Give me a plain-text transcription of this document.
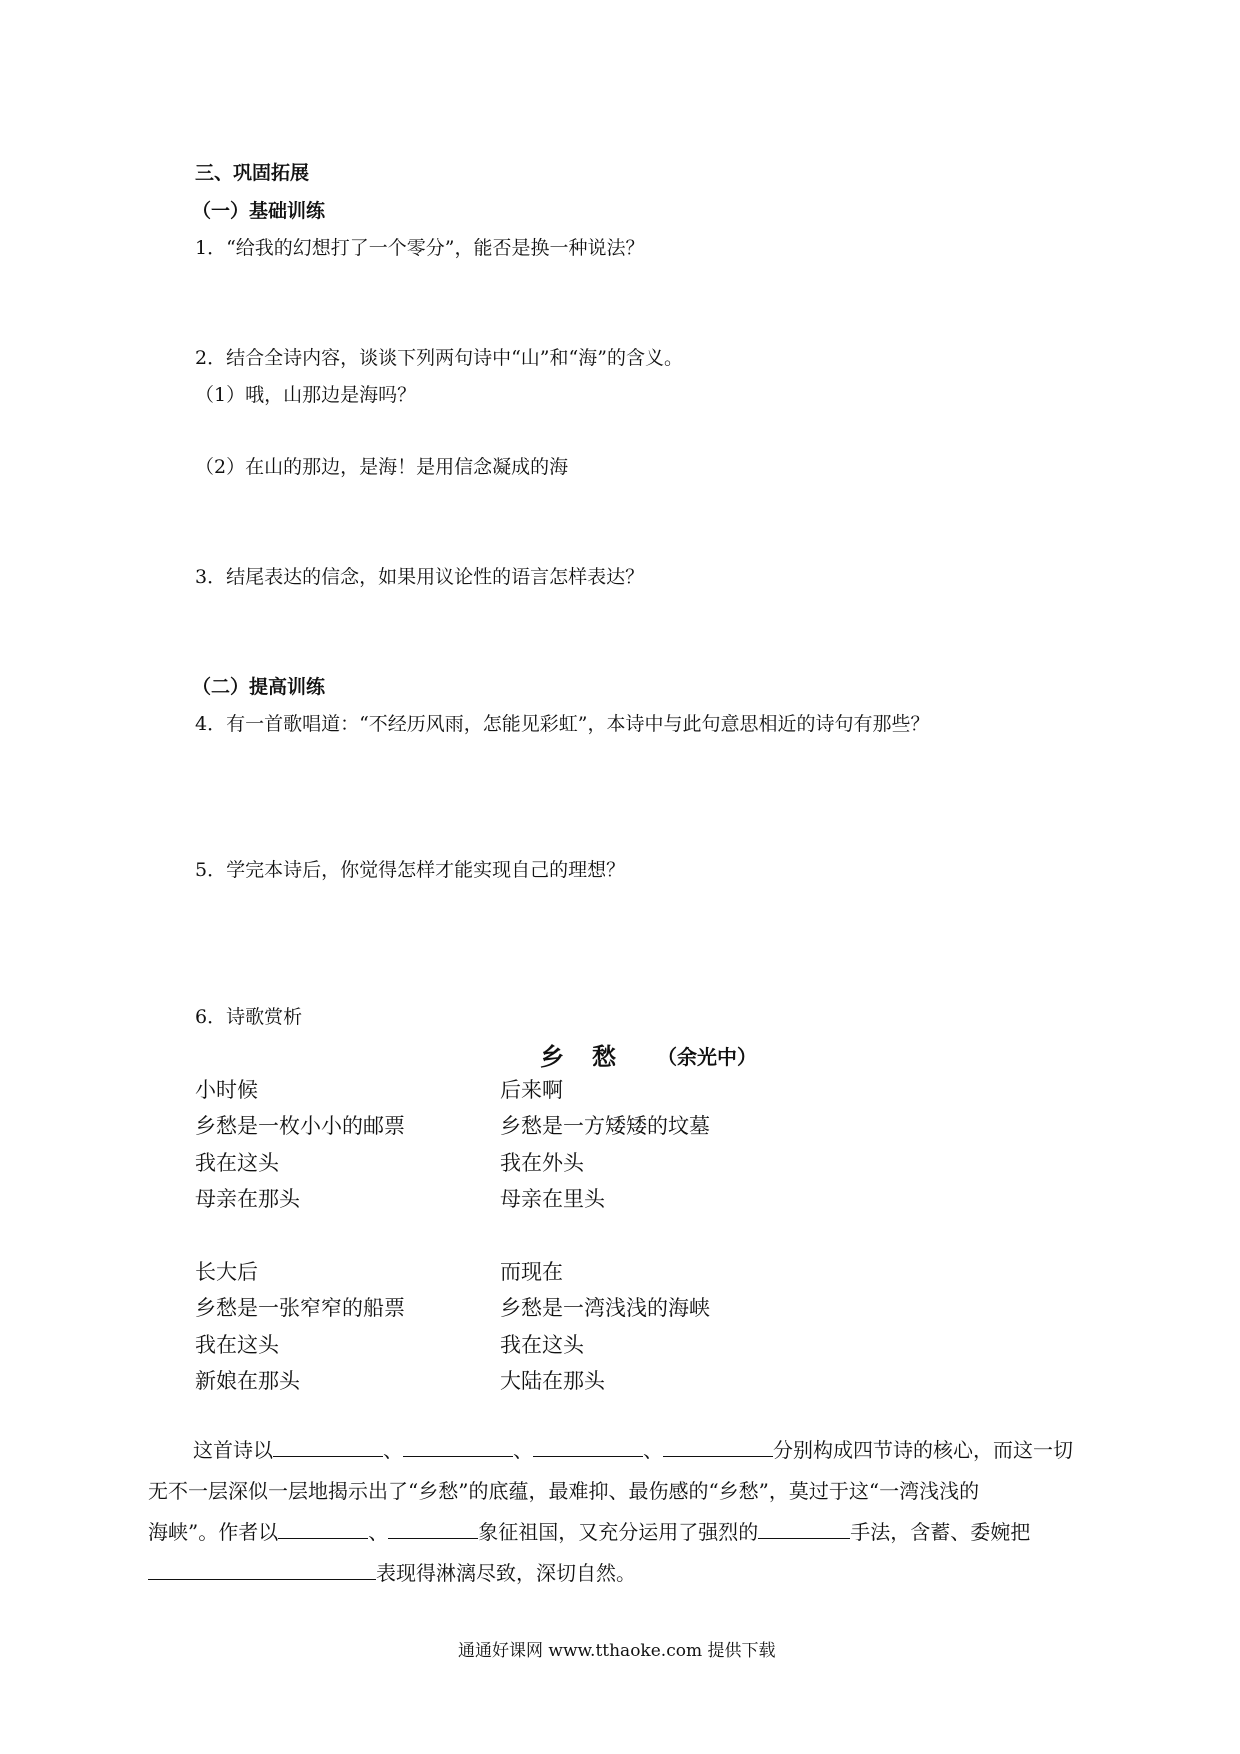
三、巩固拓展
（一）基础训练
1．“给我的幻想打了一个零分”，能否是换一种说法？
2．结合全诗内容，谈谈下列两句诗中“山”和“海”的含义。
（1）哦，山那边是海吗？
（2）在山的那边，是海！是用信念凝成的海
3．结尾表达的信念，如果用议论性的语言怎样表达？
（二）提高训练
4．有一首歌唱道：“不经历风雨，怎能见彩虹”，本诗中与此句意思相近的诗句有那些？
5．学完本诗后，你觉得怎样才能实现自己的理想？
6．诗歌赏析
乡　愁 （余光中）
小时候
乡愁是一枚小小的邮票
我在这头
母亲在那头
后来啊
乡愁是一方矮矮的坟墓
我在外头
母亲在里头
长大后
乡愁是一张窄窄的船票
我在这头
新娘在那头
而现在
乡愁是一湾浅浅的海峡
我在这头
大陆在那头
这首诗以	、	、	、	分别构成四节诗的核心，而这一切
无不一层深似一层地揭示出了“乡愁”的底蕴，最难抑、最伤感的“乡愁”，莫过于这“一湾浅浅的
海峡”。作者以	、	象征祖国，又充分运用了强烈的	手法，含蓄、委婉把
表现得淋漓尽致，深切自然。
通通好课网 www.tthaoke.com 提供下载
